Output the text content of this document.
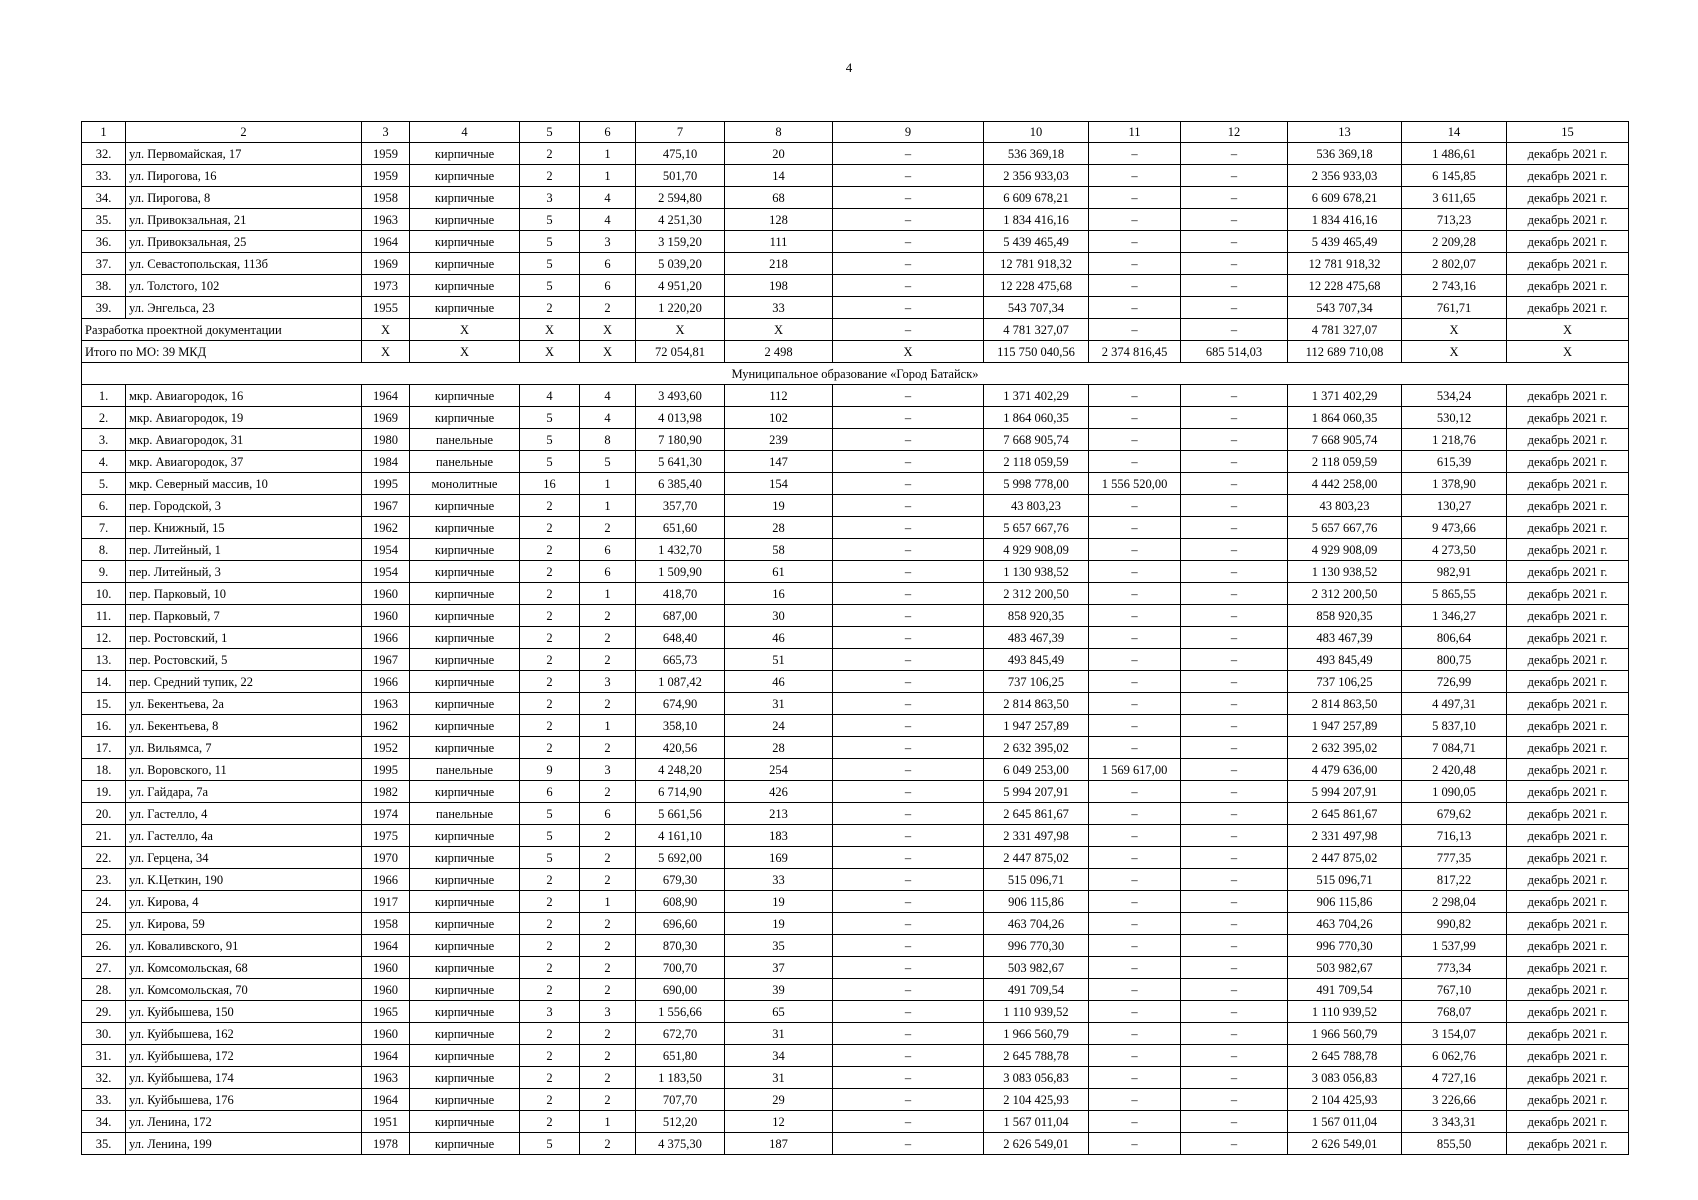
4
1	2	3	4	5	6	7	8	9	10	11	12	13	14	15
32.	ул. Первомайская, 17	1959	кирпичные	2	1	475,10	20	–	536 369,18	–	–	536 369,18	1 486,61	декабрь 2021 г.
33.	ул. Пирогова, 16	1959	кирпичные	2	1	501,70	14	–	2 356 933,03	–	–	2 356 933,03	6 145,85	декабрь 2021 г.
34.	ул. Пирогова, 8	1958	кирпичные	3	4	2 594,80	68	–	6 609 678,21	–	–	6 609 678,21	3 611,65	декабрь 2021 г.
35.	ул. Привокзальная, 21	1963	кирпичные	5	4	4 251,30	128	–	1 834 416,16	–	–	1 834 416,16	713,23	декабрь 2021 г.
36.	ул. Привокзальная, 25	1964	кирпичные	5	3	3 159,20	111	–	5 439 465,49	–	–	5 439 465,49	2 209,28	декабрь 2021 г.
37.	ул. Севастопольская, 113б	1969	кирпичные	5	6	5 039,20	218	–	12 781 918,32	–	–	12 781 918,32	2 802,07	декабрь 2021 г.
38.	ул. Толстого, 102	1973	кирпичные	5	6	4 951,20	198	–	12 228 475,68	–	–	12 228 475,68	2 743,16	декабрь 2021 г.
39.	ул. Энгельса, 23	1955	кирпичные	2	2	1 220,20	33	–	543 707,34	–	–	543 707,34	761,71	декабрь 2021 г.
Разработка проектной документации		X	X	X	X	X	X	–	4 781 327,07	–	–	4 781 327,07	X	X
Итого по МО: 39 МКД		X	X	X	X	72 054,81	2 498	X	115 750 040,56	2 374 816,45	685 514,03	112 689 710,08	X	X
Муниципальное образование «Город Батайск»														
1.	мкр. Авиагородок, 16	1964	кирпичные	4	4	3 493,60	112	–	1 371 402,29	–	–	1 371 402,29	534,24	декабрь 2021 г.
2.	мкр. Авиагородок, 19	1969	кирпичные	5	4	4 013,98	102	–	1 864 060,35	–	–	1 864 060,35	530,12	декабрь 2021 г.
3.	мкр. Авиагородок, 31	1980	панельные	5	8	7 180,90	239	–	7 668 905,74	–	–	7 668 905,74	1 218,76	декабрь 2021 г.
4.	мкр. Авиагородок, 37	1984	панельные	5	5	5 641,30	147	–	2 118 059,59	–	–	2 118 059,59	615,39	декабрь 2021 г.
5.	мкр. Северный массив, 10	1995	монолитные	16	1	6 385,40	154	–	5 998 778,00	1 556 520,00	–	4 442 258,00	1 378,90	декабрь 2021 г.
6.	пер. Городской, 3	1967	кирпичные	2	1	357,70	19	–	43 803,23	–	–	43 803,23	130,27	декабрь 2021 г.
7.	пер. Книжный, 15	1962	кирпичные	2	2	651,60	28	–	5 657 667,76	–	–	5 657 667,76	9 473,66	декабрь 2021 г.
8.	пер. Литейный, 1	1954	кирпичные	2	6	1 432,70	58	–	4 929 908,09	–	–	4 929 908,09	4 273,50	декабрь 2021 г.
9.	пер. Литейный, 3	1954	кирпичные	2	6	1 509,90	61	–	1 130 938,52	–	–	1 130 938,52	982,91	декабрь 2021 г.
10.	пер. Парковый, 10	1960	кирпичные	2	1	418,70	16	–	2 312 200,50	–	–	2 312 200,50	5 865,55	декабрь 2021 г.
11.	пер. Парковый, 7	1960	кирпичные	2	2	687,00	30	–	858 920,35	–	–	858 920,35	1 346,27	декабрь 2021 г.
12.	пер. Ростовский, 1	1966	кирпичные	2	2	648,40	46	–	483 467,39	–	–	483 467,39	806,64	декабрь 2021 г.
13.	пер. Ростовский, 5	1967	кирпичные	2	2	665,73	51	–	493 845,49	–	–	493 845,49	800,75	декабрь 2021 г.
14.	пер. Средний тупик, 22	1966	кирпичные	2	3	1 087,42	46	–	737 106,25	–	–	737 106,25	726,99	декабрь 2021 г.
15.	ул. Бекентьева, 2а	1963	кирпичные	2	2	674,90	31	–	2 814 863,50	–	–	2 814 863,50	4 497,31	декабрь 2021 г.
16.	ул. Бекентьева, 8	1962	кирпичные	2	1	358,10	24	–	1 947 257,89	–	–	1 947 257,89	5 837,10	декабрь 2021 г.
17.	ул. Вильямса, 7	1952	кирпичные	2	2	420,56	28	–	2 632 395,02	–	–	2 632 395,02	7 084,71	декабрь 2021 г.
18.	ул. Воровского, 11	1995	панельные	9	3	4 248,20	254	–	6 049 253,00	1 569 617,00	–	4 479 636,00	2 420,48	декабрь 2021 г.
19.	ул. Гайдара, 7а	1982	кирпичные	6	2	6 714,90	426	–	5 994 207,91	–	–	5 994 207,91	1 090,05	декабрь 2021 г.
20.	ул. Гастелло, 4	1974	панельные	5	6	5 661,56	213	–	2 645 861,67	–	–	2 645 861,67	679,62	декабрь 2021 г.
21.	ул. Гастелло, 4а	1975	кирпичные	5	2	4 161,10	183	–	2 331 497,98	–	–	2 331 497,98	716,13	декабрь 2021 г.
22.	ул. Герцена, 34	1970	кирпичные	5	2	5 692,00	169	–	2 447 875,02	–	–	2 447 875,02	777,35	декабрь 2021 г.
23.	ул. К.Цеткин, 190	1966	кирпичные	2	2	679,30	33	–	515 096,71	–	–	515 096,71	817,22	декабрь 2021 г.
24.	ул. Кирова, 4	1917	кирпичные	2	1	608,90	19	–	906 115,86	–	–	906 115,86	2 298,04	декабрь 2021 г.
25.	ул. Кирова, 59	1958	кирпичные	2	2	696,60	19	–	463 704,26	–	–	463 704,26	990,82	декабрь 2021 г.
26.	ул. Коваливского, 91	1964	кирпичные	2	2	870,30	35	–	996 770,30	–	–	996 770,30	1 537,99	декабрь 2021 г.
27.	ул. Комсомольская, 68	1960	кирпичные	2	2	700,70	37	–	503 982,67	–	–	503 982,67	773,34	декабрь 2021 г.
28.	ул. Комсомольская, 70	1960	кирпичные	2	2	690,00	39	–	491 709,54	–	–	491 709,54	767,10	декабрь 2021 г.
29.	ул. Куйбышева, 150	1965	кирпичные	3	3	1 556,66	65	–	1 110 939,52	–	–	1 110 939,52	768,07	декабрь 2021 г.
30.	ул. Куйбышева, 162	1960	кирпичные	2	2	672,70	31	–	1 966 560,79	–	–	1 966 560,79	3 154,07	декабрь 2021 г.
31.	ул. Куйбышева, 172	1964	кирпичные	2	2	651,80	34	–	2 645 788,78	–	–	2 645 788,78	6 062,76	декабрь 2021 г.
32.	ул. Куйбышева, 174	1963	кирпичные	2	2	1 183,50	31	–	3 083 056,83	–	–	3 083 056,83	4 727,16	декабрь 2021 г.
33.	ул. Куйбышева, 176	1964	кирпичные	2	2	707,70	29	–	2 104 425,93	–	–	2 104 425,93	3 226,66	декабрь 2021 г.
34.	ул. Ленина, 172	1951	кирпичные	2	1	512,20	12	–	1 567 011,04	–	–	1 567 011,04	3 343,31	декабрь 2021 г.
35.	ул. Ленина, 199	1978	кирпичные	5	2	4 375,30	187	–	2 626 549,01	–	–	2 626 549,01	855,50	декабрь 2021 г.
